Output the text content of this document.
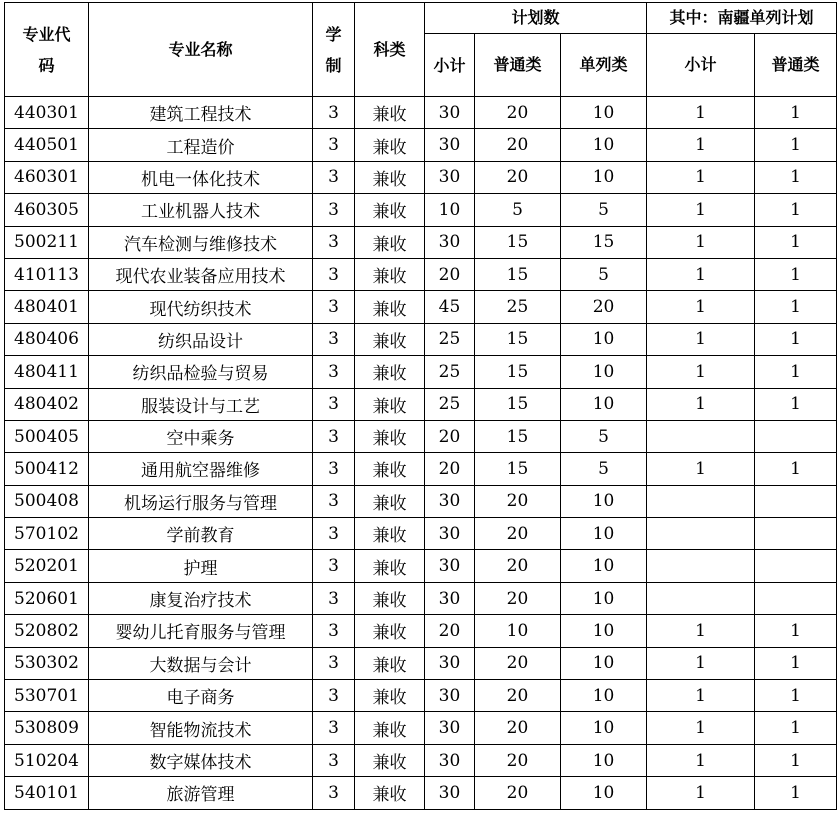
专业代码	专业名称	学制	科类	计划数			其中：南疆单列计划	
				小计	普通类	单列类	小计	普通类
440301	建筑工程技术	3	兼收	30	20	10	1	1
440501	工程造价	3	兼收	30	20	10	1	1
460301	机电一体化技术	3	兼收	30	20	10	1	1
460305	工业机器人技术	3	兼收	10	5	5	1	1
500211	汽车检测与维修技术	3	兼收	30	15	15	1	1
410113	现代农业装备应用技术	3	兼收	20	15	5	1	1
480401	现代纺织技术	3	兼收	45	25	20	1	1
480406	纺织品设计	3	兼收	25	15	10	1	1
480411	纺织品检验与贸易	3	兼收	25	15	10	1	1
480402	服装设计与工艺	3	兼收	25	15	10	1	1
500405	空中乘务	3	兼收	20	15	5		
500412	通用航空器维修	3	兼收	20	15	5	1	1
500408	机场运行服务与管理	3	兼收	30	20	10		
570102	学前教育	3	兼收	30	20	10		
520201	护理	3	兼收	30	20	10		
520601	康复治疗技术	3	兼收	30	20	10		
520802	婴幼儿托育服务与管理	3	兼收	20	10	10	1	1
530302	大数据与会计	3	兼收	30	20	10	1	1
530701	电子商务	3	兼收	30	20	10	1	1
530809	智能物流技术	3	兼收	30	20	10	1	1
510204	数字媒体技术	3	兼收	30	20	10	1	1
540101	旅游管理	3	兼收	30	20	10	1	1
